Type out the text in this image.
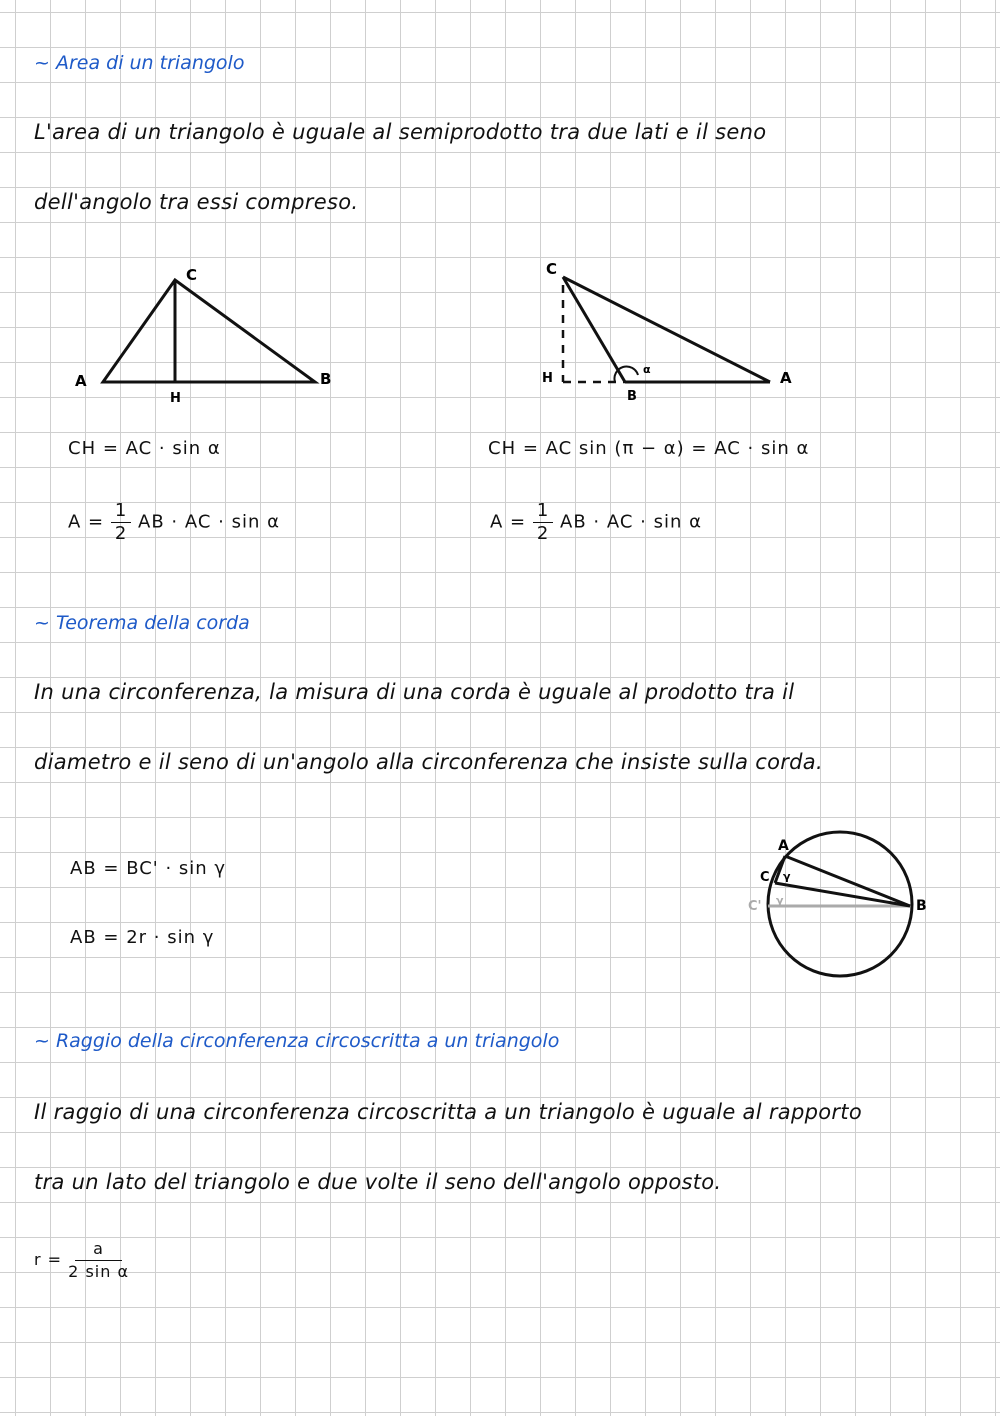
~ Area di un triangolo
L'area di un triangolo è uguale al semiprodotto tra due lati e il seno
dell'angolo tra essi compreso.
A
C
B
H
C
H
B
A
α
CH = AC · sin α
$A = \frac{1}{2}$ AB · AC · sin α
CH = AC sin (π − α) = AC · sin α
$A = \frac{1}{2}$ AB · AC · sin α
~ Teorema della corda
In una circonferenza, la misura di una corda è uguale al prodotto tra il
diametro e il seno di un'angolo alla circonferenza che insiste sulla corda.
AB = BC' · sin γ
AB = 2r · sin γ
A
C γ
C' γ	B
~ Raggio della circonferenza circoscritta a un triangolo
Il raggio di una circonferenza circoscritta a un triangolo è uguale al rapporto
tra un lato del triangolo e due volte il seno dell'angolo opposto.
$r = \frac{a}{\text{2 sin α}}$
